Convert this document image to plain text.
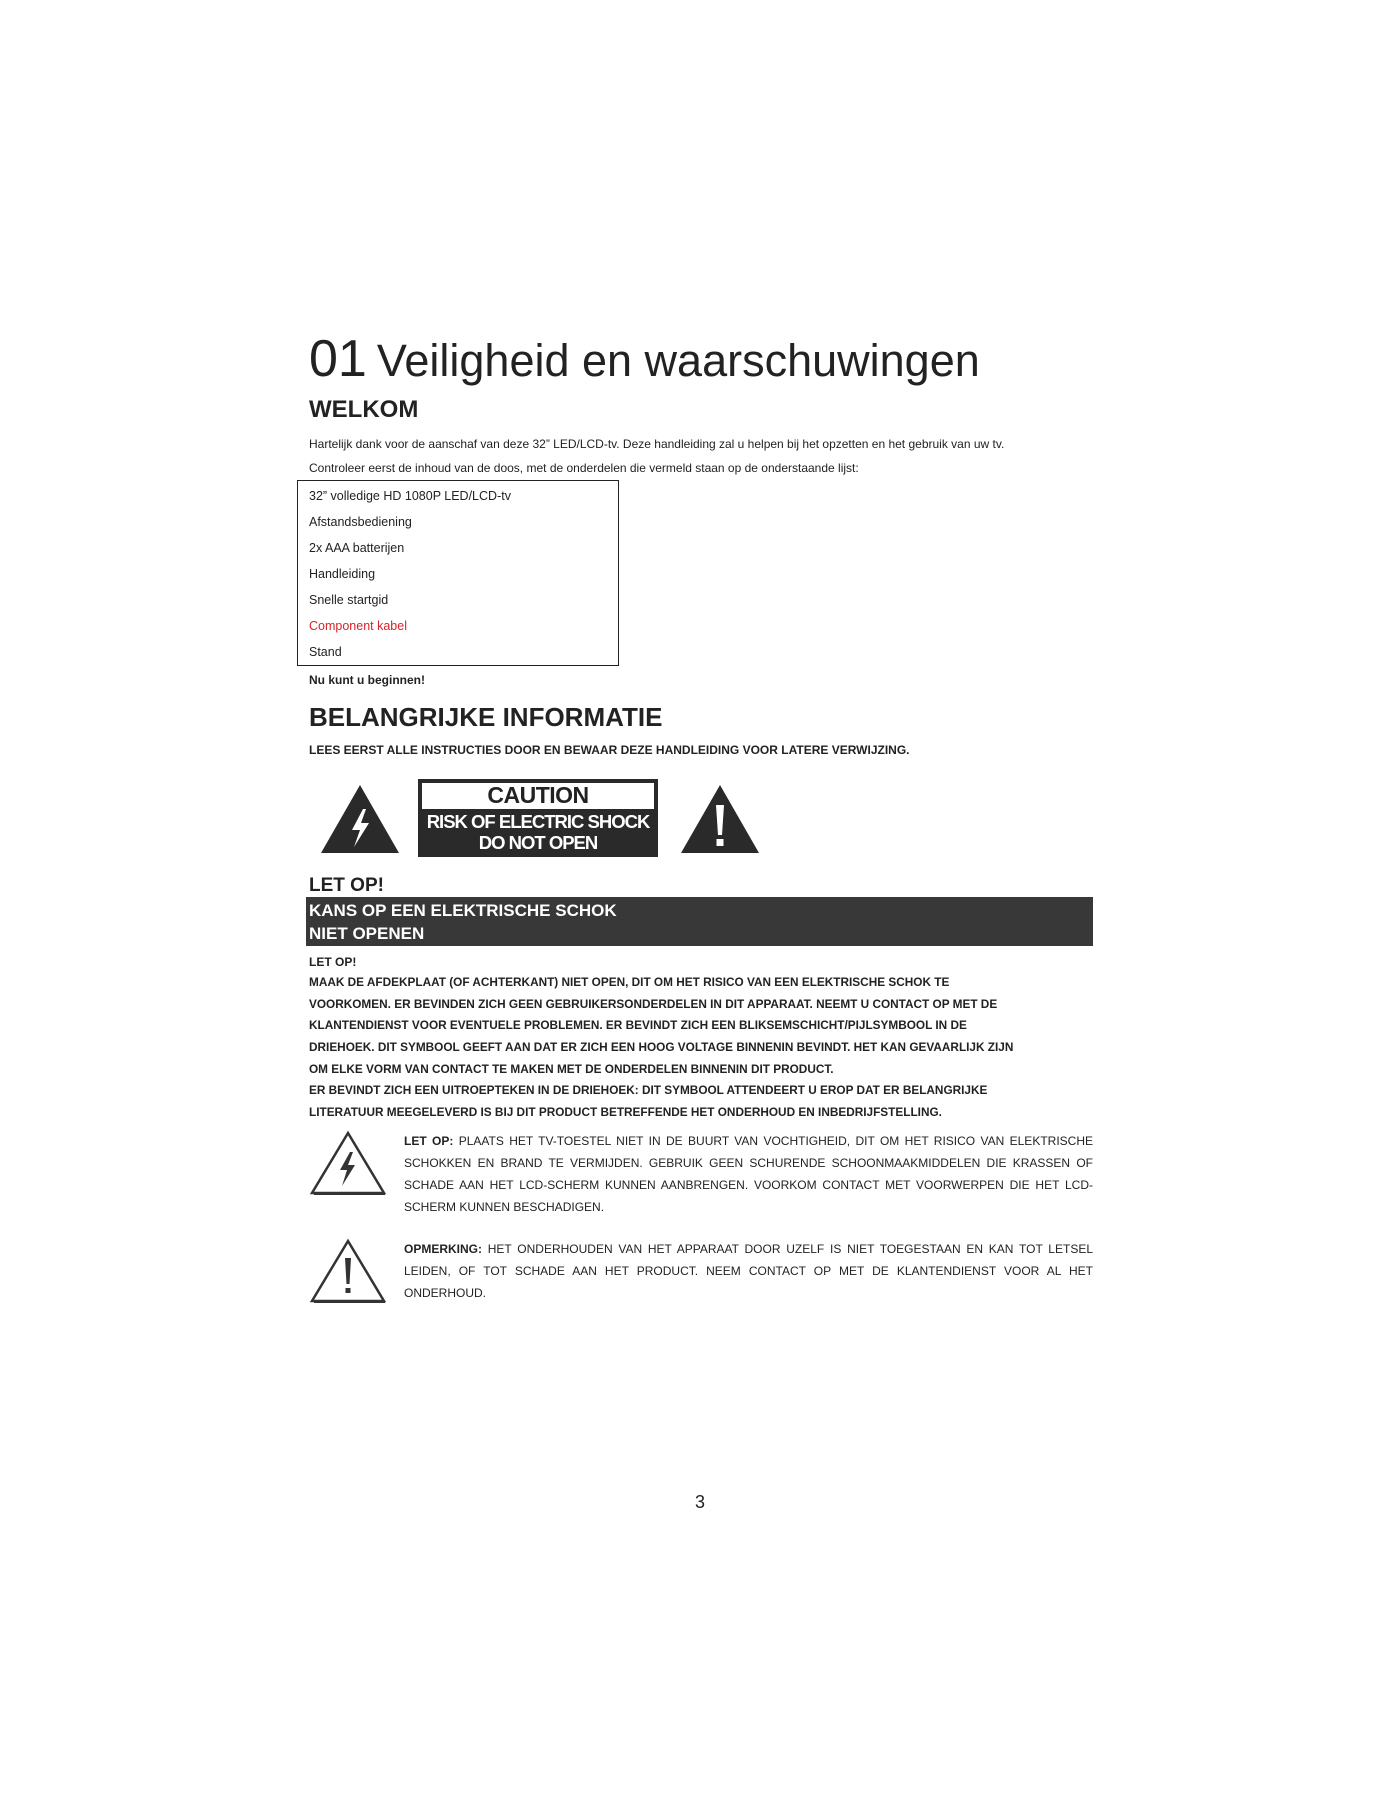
01 Veiligheid en waarschuwingen
WELKOM

Hartelijk dank voor de aanschaf van deze 32” LED/LCD-tv. Deze handleiding zal u helpen bij het opzetten en het gebruik van uw tv.

Controleer eerst de inhoud van de doos, met de onderdelen die vermeld staan op de onderstaande lijst:

32” volledige HD 1080P LED/LCD-tv
Afstandsbediening
2x AAA batterijen
Handleiding
Snelle startgid
Component kabel
Stand

Nu kunt u beginnen!

BELANGRIJKE INFORMATIE

LEES EERST ALLE INSTRUCTIES DOOR EN BEWAAR DEZE HANDLEIDING VOOR LATERE VERWIJZING.

CAUTION
RISK OF ELECTRIC SHOCK
DO NOT OPEN

LET OP!

KANS OP EEN ELEKTRISCHE SCHOK
NIET OPENEN

LET OP!

MAAK DE AFDEKPLAAT (OF ACHTERKANT) NIET OPEN, DIT OM HET RISICO VAN EEN ELEKTRISCHE SCHOK TE

VOORKOMEN. ER BEVINDEN ZICH GEEN GEBRUIKERSONDERDELEN IN DIT APPARAAT. NEEMT U CONTACT OP MET DE

KLANTENDIENST VOOR EVENTUELE PROBLEMEN. ER BEVINDT ZICH EEN BLIKSEMSCHICHT/PIJLSYMBOOL IN DE

DRIEHOEK. DIT SYMBOOL GEEFT AAN DAT ER ZICH EEN HOOG VOLTAGE BINNENIN BEVINDT. HET KAN GEVAARLIJK ZIJN

OM ELKE VORM VAN CONTACT TE MAKEN MET DE ONDERDELEN BINNENIN DIT PRODUCT.

ER BEVINDT ZICH EEN UITROEPTEKEN IN DE DRIEHOEK: DIT SYMBOOL ATTENDEERT U EROP DAT ER BELANGRIJKE

LITERATUUR MEEGELEVERD IS BIJ DIT PRODUCT BETREFFENDE HET ONDERHOUD EN INBEDRIJFSTELLING.

LET OP: PLAATS HET TV-TOESTEL NIET IN DE BUURT VAN VOCHTIGHEID, DIT OM HET RISICO VAN ELEKTRISCHE SCHOKKEN EN BRAND TE VERMIJDEN. GEBRUIK GEEN SCHURENDE SCHOONMAAKMIDDELEN DIE KRASSEN OF SCHADE AAN HET LCD-SCHERM KUNNEN AANBRENGEN. VOORKOM CONTACT MET VOORWERPEN DIE HET LCD-SCHERM KUNNEN BESCHADIGEN.
OPMERKING: HET ONDERHOUDEN VAN HET APPARAAT DOOR UZELF IS NIET TOEGESTAAN EN KAN TOT LETSEL LEIDEN, OF TOT SCHADE AAN HET PRODUCT. NEEM CONTACT OP MET DE KLANTENDIENST VOOR AL HET ONDERHOUD.
3
